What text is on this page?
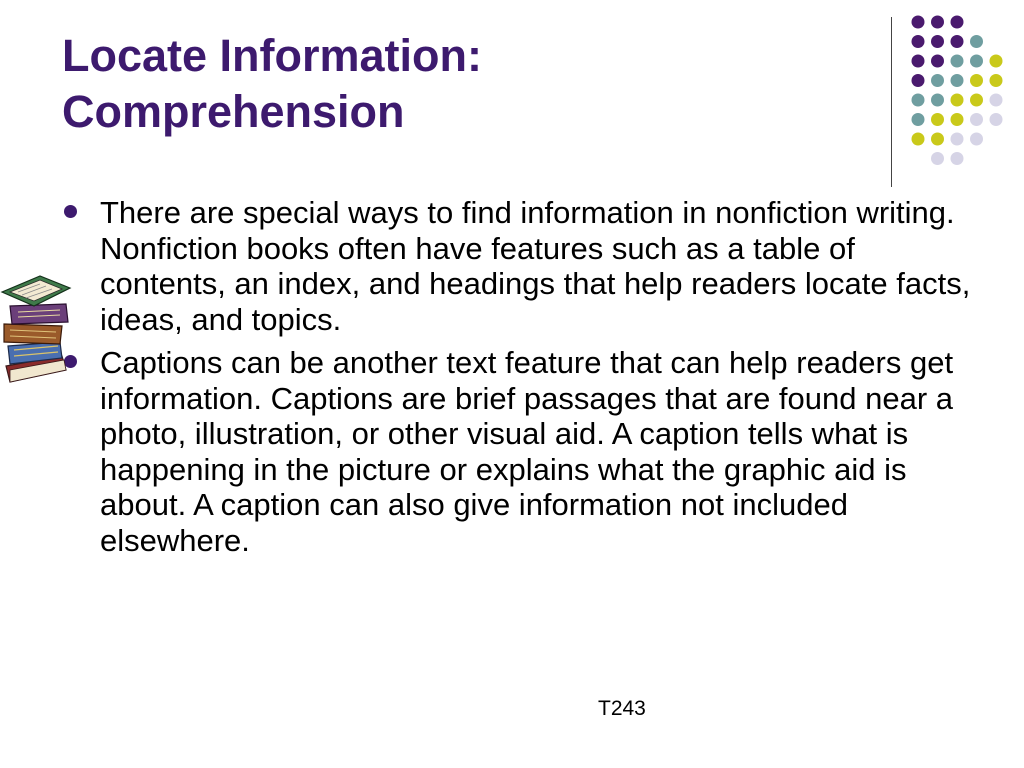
Locate Information:
Comprehension
There are special ways to find information in nonfiction writing. Nonfiction books often have features such as a table of contents, an index, and headings that help readers locate facts, ideas, and topics.
Captions can be another text feature that can help readers get information. Captions are brief passages that are found near a photo, illustration, or other visual aid. A caption tells what is happening in the picture or explains what the graphic aid is about. A caption can also give information not included elsewhere.
T243
